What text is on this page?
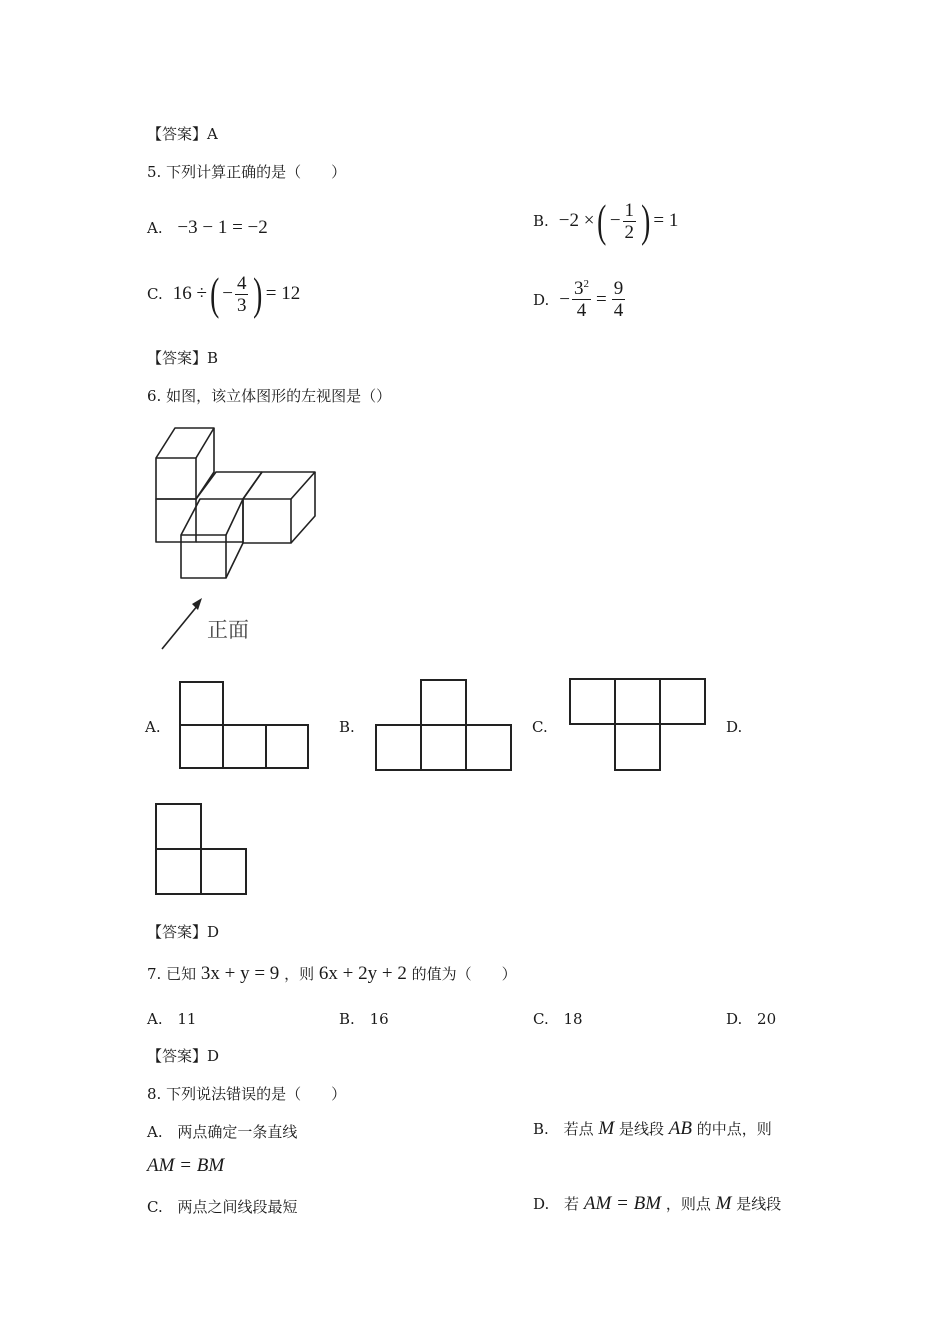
【答案】A
5. 下列计算正确的是（　　）
A. −3 − 1 = −2	B. −2 × ( − $\frac{1}{2}$ ) = 1
C. 16 ÷ ( − $\frac{4}{3}$ ) = 12	D. − $\frac{3^2}{4} = \frac{9}{4}$
【答案】B
6. 如图，该立体图形的左视图是（）
正面
A.	B.	C.	D.
【答案】D
7. 已知 3x + y = 9 ，则 6x + 2y + 2 的值为（　　）
A. 11	B. 16	C. 18	D. 20
【答案】D
8. 下列说法错误的是（　　）
A. 两点确定一条直线	B. 若点 M 是线段 AB 的中点，则
AM = BM
C. 两点之间线段最短	D. 若 AM = BM ，则点 M 是线段
